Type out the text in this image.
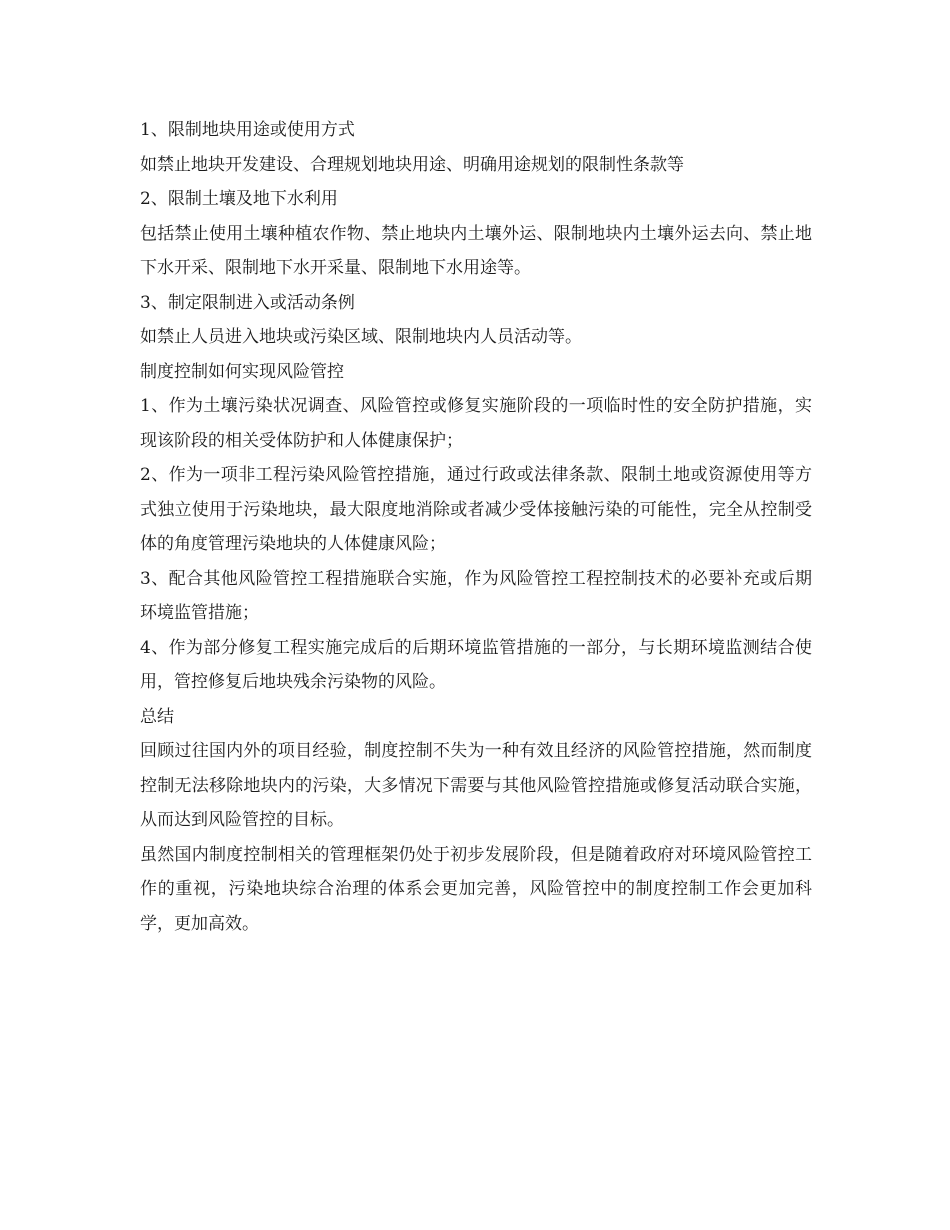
1、限制地块用途或使用方式

如禁止地块开发建设、合理规划地块用途、明确用途规划的限制性条款等

2、限制土壤及地下水利用

包括禁止使用土壤种植农作物、禁止地块内土壤外运、限制地块内土壤外运去向、禁止地下水开采、限制地下水开采量、限制地下水用途等。

3、制定限制进入或活动条例

如禁止人员进入地块或污染区域、限制地块内人员活动等。

制度控制如何实现风险管控

1、作为土壤污染状况调查、风险管控或修复实施阶段的一项临时性的安全防护措施，实现该阶段的相关受体防护和人体健康保护；

2、作为一项非工程污染风险管控措施，通过行政或法律条款、限制土地或资源使用等方式独立使用于污染地块，最大限度地消除或者减少受体接触污染的可能性，完全从控制受体的角度管理污染地块的人体健康风险；

3、配合其他风险管控工程措施联合实施，作为风险管控工程控制技术的必要补充或后期环境监管措施；

4、作为部分修复工程实施完成后的后期环境监管措施的一部分，与长期环境监测结合使用，管控修复后地块残余污染物的风险。

总结

回顾过往国内外的项目经验，制度控制不失为一种有效且经济的风险管控措施，然而制度控制无法移除地块内的污染，大多情况下需要与其他风险管控措施或修复活动联合实施，从而达到风险管控的目标。

虽然国内制度控制相关的管理框架仍处于初步发展阶段，但是随着政府对环境风险管控工作的重视，污染地块综合治理的体系会更加完善，风险管控中的制度控制工作会更加科学，更加高效。
